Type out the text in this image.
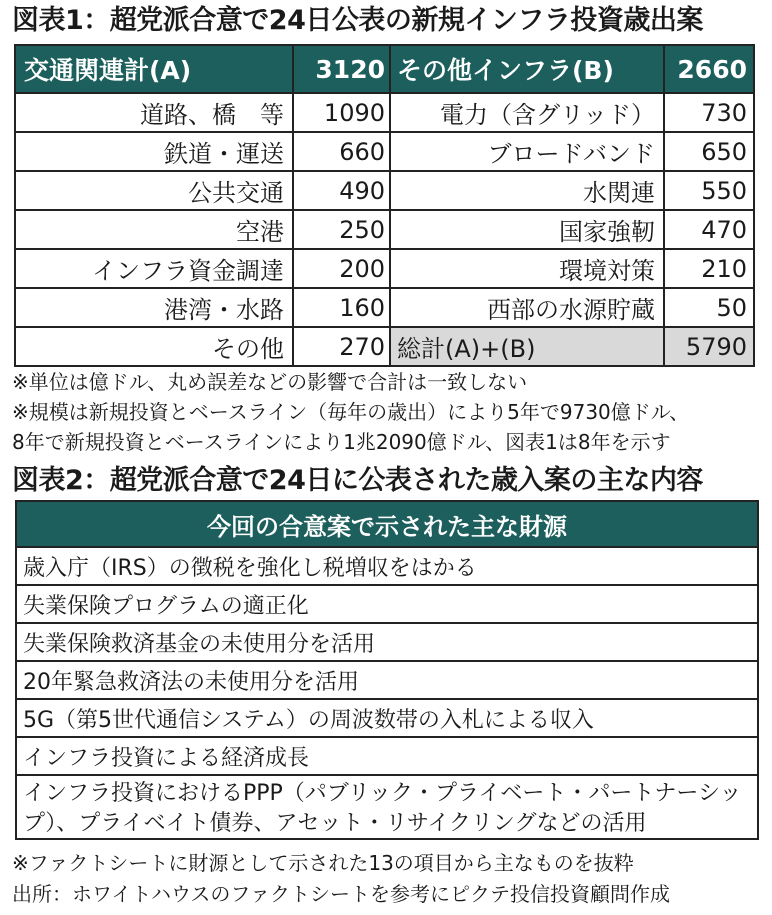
図表1：超党派合意で24日公表の新規インフラ投資歳出案
交通関連計(A)	3120 その他インフラ(B)	2660
道路、橋　等	1090	電力（含グリッド）	730
鉄道・運送	660	ブロードバンド	650
公共交通	490	水関連	550
空港	250	国家強靭	470
インフラ資金調達	200	環境対策	210
港湾・水路	160	西部の水源貯蔵	50
その他	270 総計(A)+(B)	5790
※単位は億ドル、丸め誤差などの影響で合計は一致しない
※規模は新規投資とベースライン（毎年の歳出）により5年で9730億ドル、
8年で新規投資とベースラインにより1兆2090億ドル、図表1は8年を示す
図表2：超党派合意で24日に公表された歳入案の主な内容
今回の合意案で示された主な財源
歳入庁（IRS）の徴税を強化し税増収をはかる
失業保険プログラムの適正化
失業保険救済基金の未使用分を活用
20年緊急救済法の未使用分を活用
5G（第5世代通信システム）の周波数帯の入札による収入
インフラ投資による経済成長
インフラ投資におけるPPP（パブリック・プライベート・パートナーシップ）、プライベイト債券、アセット・リサイクリングなどの活用
※ファクトシートに財源として示された13の項目から主なものを抜粋
出所：ホワイトハウスのファクトシートを参考にピクテ投信投資顧問作成
